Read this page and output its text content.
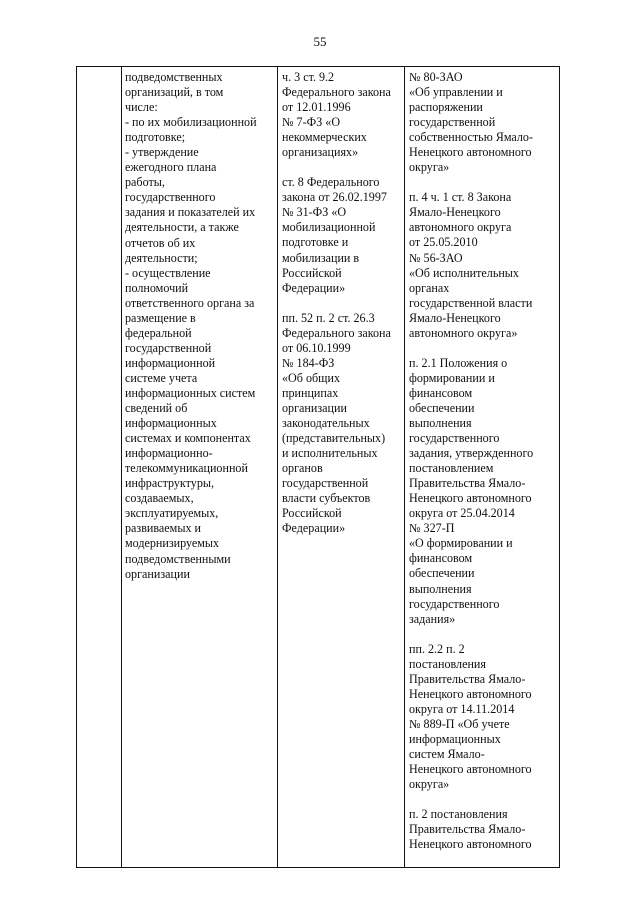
55
подведомственных
организаций, в том
числе:
- по их мобилизационной
подготовке;
- утверждение
ежегодного плана
работы,
государственного
задания и показателей их
деятельности, а также
отчетов об их
деятельности;
- осуществление
полномочий
ответственного органа за
размещение в
федеральной
государственной
информационной
системе учета
информационных систем
сведений об
информационных
системах и компонентах
информационно-
телекоммуникационной
инфраструктуры,
создаваемых,
эксплуатируемых,
развиваемых и
модернизируемых
подведомственными
организации
ч. 3 ст. 9.2
Федерального закона
от 12.01.1996
№ 7-ФЗ «О
некоммерческих
организациях»
ст. 8 Федерального
закона от 26.02.1997
№ 31-ФЗ «О
мобилизационной
подготовке и
мобилизации в
Российской
Федерации»
пп. 52 п. 2 ст. 26.3
Федерального закона
от 06.10.1999
№ 184-ФЗ
«Об общих
принципах
организации
законодательных
(представительных)
и исполнительных
органов
государственной
власти субъектов
Российской
Федерации»
№ 80-ЗАО
«Об управлении и
распоряжении
государственной
собственностью Ямало-
Ненецкого автономного
округа»
п. 4 ч. 1 ст. 8 Закона
Ямало-Ненецкого
автономного округа
от 25.05.2010
№ 56-ЗАО
«Об исполнительных
органах
государственной власти
Ямало-Ненецкого
автономного округа»
п. 2.1 Положения о
формировании и
финансовом
обеспечении
выполнения
государственного
задания, утвержденного
постановлением
Правительства Ямало-
Ненецкого автономного
округа от 25.04.2014
№ 327-П
«О формировании и
финансовом
обеспечении
выполнения
государственного
задания»
пп. 2.2 п. 2
постановления
Правительства Ямало-
Ненецкого автономного
округа от 14.11.2014
№ 889-П «Об учете
информационных
систем Ямало-
Ненецкого автономного
округа»
п. 2 постановления
Правительства Ямало-
Ненецкого автономного
